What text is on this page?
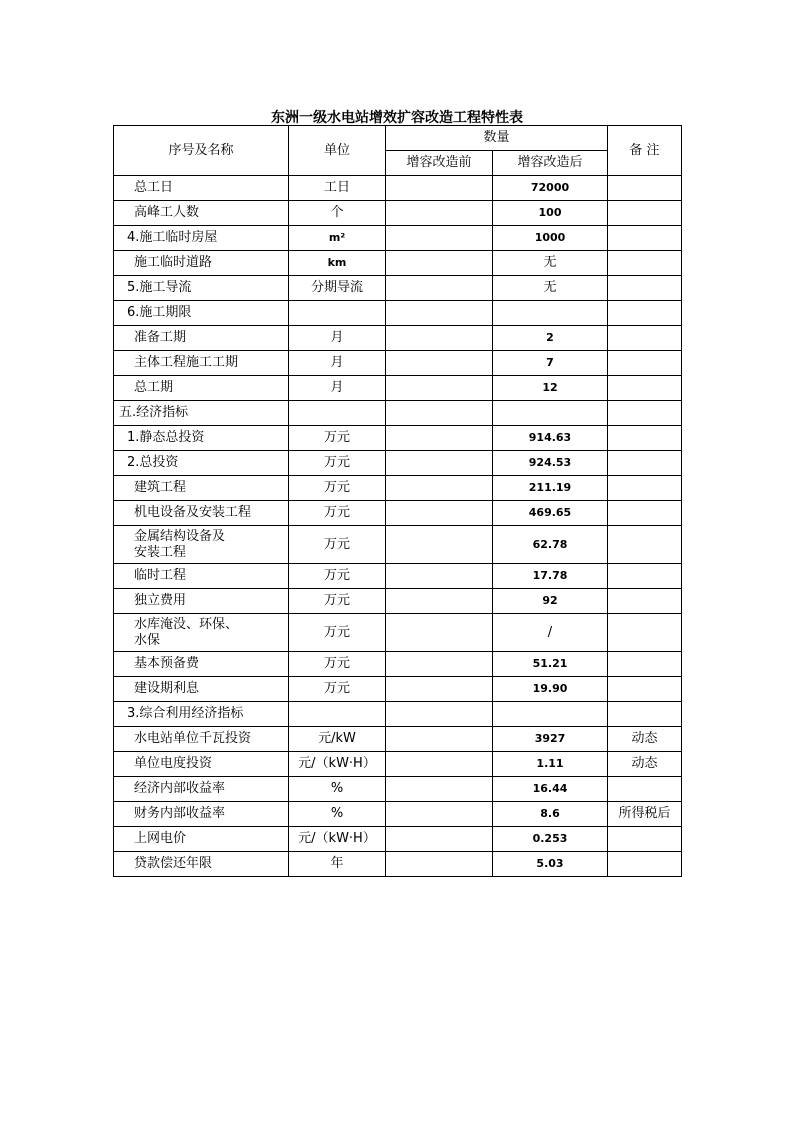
东洲一级水电站增效扩容改造工程特性表
序号及名称	单位	数量		备 注
		增容改造前	增容改造后	
总工日	工日		72000	
高峰工人数	个		100	
4.施工临时房屋	m²		1000	
施工临时道路	km		无	
5.施工导流	分期导流		无	
6.施工期限				
准备工期	月		2	
主体工程施工工期	月		7	
总工期	月		12	
五.经济指标				
1.静态总投资	万元		914.63	
2.总投资	万元		924.53	
建筑工程	万元		211.19	
机电设备及安装工程	万元		469.65	

金属结构设备及
安装工程	万元		62.78	
临时工程	万元		17.78	
独立费用	万元		92	

水库淹没、环保、
水保	万元		/	
基本预备费	万元		51.21	
建设期利息	万元		19.90	
3.综合利用经济指标				
水电站单位千瓦投资	元/kW		3927	动态
单位电度投资	元/（kW·H）		1.11	动态
经济内部收益率	%		16.44	
财务内部收益率	%		8.6	所得税后
上网电价	元/（kW·H）		0.253	
贷款偿还年限	年		5.03	
